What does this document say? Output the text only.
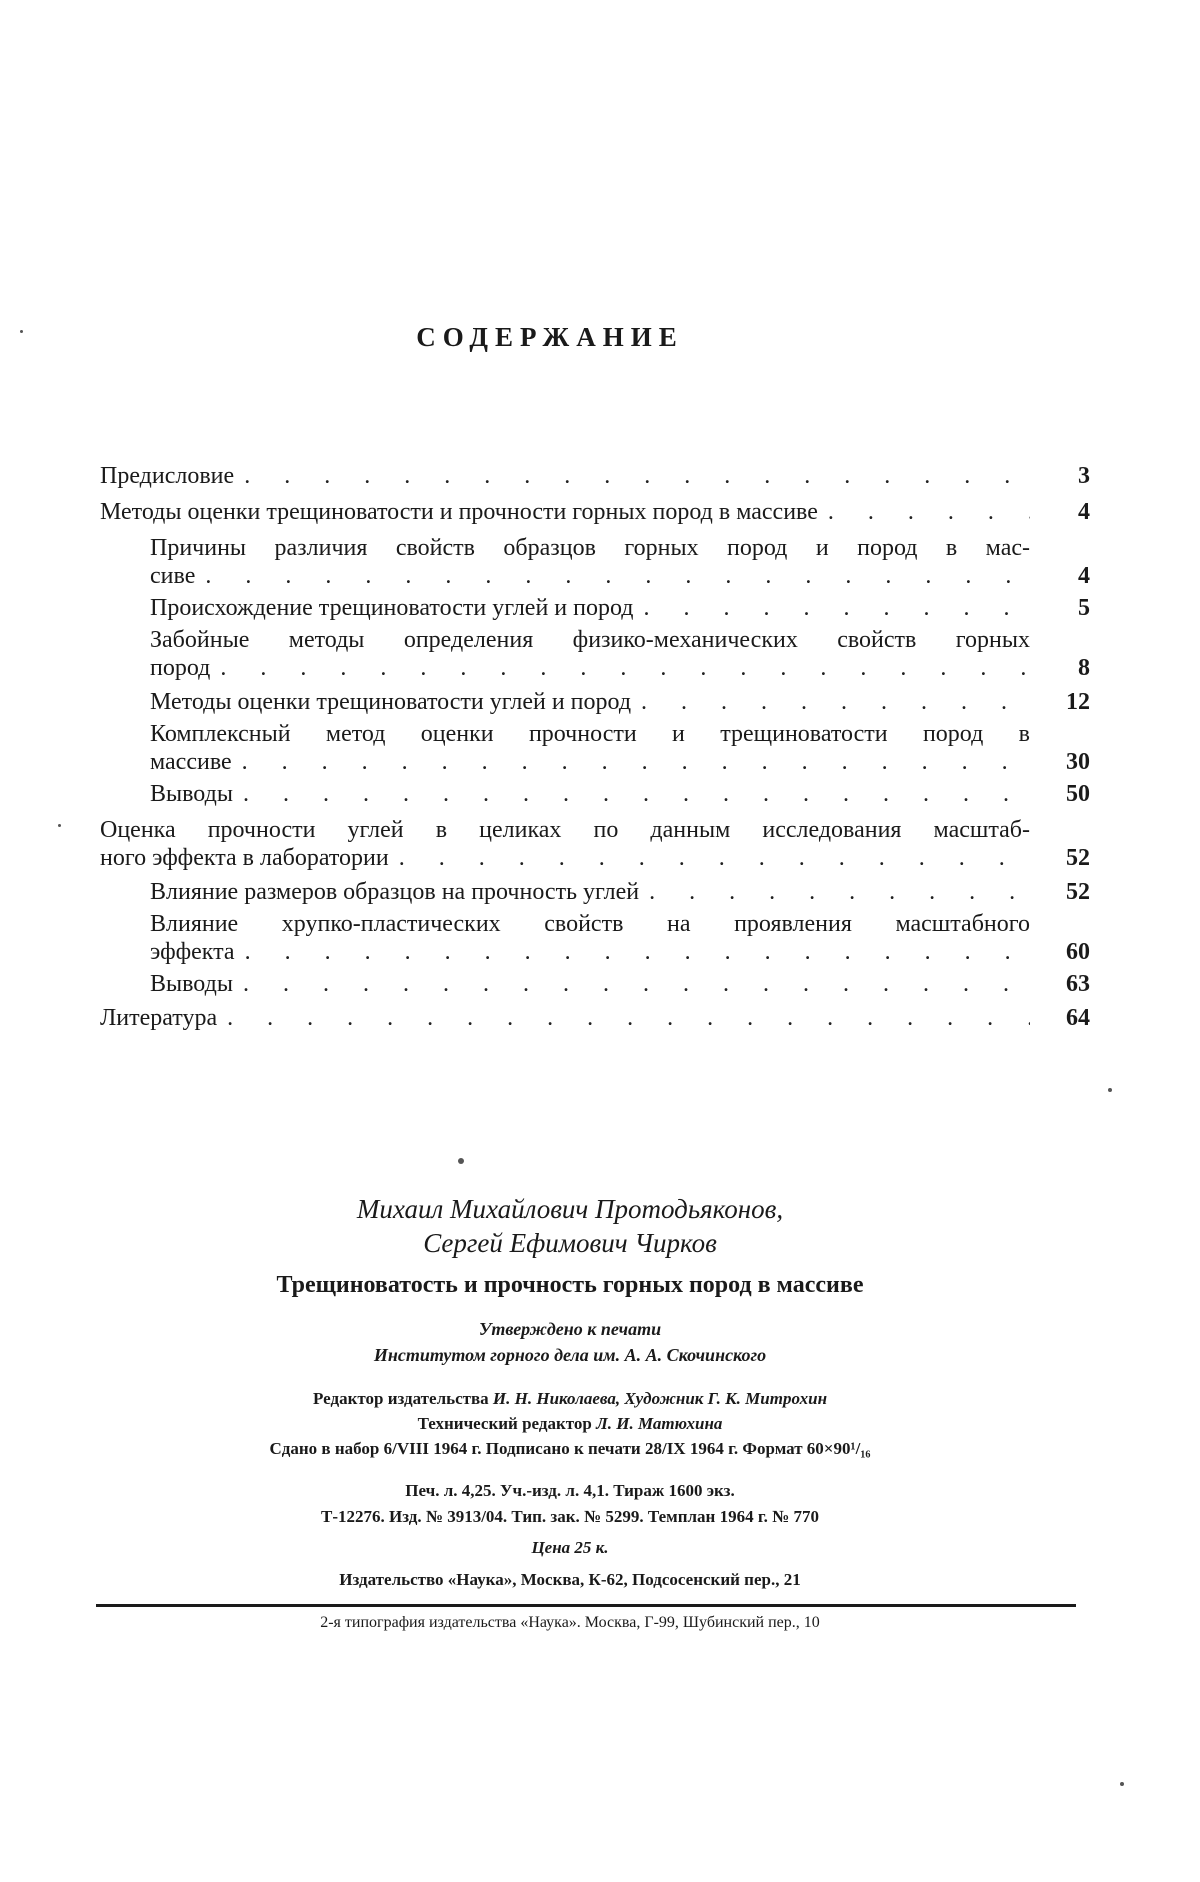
СОДЕРЖАНИЕ
Предисловие . . .	3
Методы оценки трещиноватости и прочности горных пород в массиве . . .	4
Причины различия свойств образцов горных пород и пород в мас-
сиве . . .	4
Происхождение трещиноватости углей и пород . . .	5
Забойные методы определения физико-механических свойств горных
пород . . .	8
Методы оценки трещиноватости углей и пород . . .	12
Комплексный метод оценки прочности и трещиноватости пород в
массиве . . .	30
Выводы . . .	50
Оценка прочности углей в целиках по данным исследования масштаб-
ного эффекта в лаборатории . . .	52
Влияние размеров образцов на прочность углей . . .	52
Влияние хрупко-пластических свойств на проявления масштабного
эффекта . . .	60
Выводы . . .	63
Литература . . .	64
Михаил Михайлович Протодьяконов,
Сергей Ефимович Чирков
Трещиноватость и прочность горных пород в массиве
Утверждено к печати
Институтом горного дела им. А. А. Скочинского
Редактор издательства И. Н. Николаева, Художник Г. К. Митрохин
Технический редактор Л. И. Матюхина
Сдано в набор 6/VIII 1964 г. Подписано к печати 28/IX 1964 г. Формат 60×90¹/₁₆
Печ. л. 4,25. Уч.-изд. л. 4,1. Тираж 1600 экз.
Т-12276. Изд. № 3913/04. Тип. зак. № 5299. Темплан 1964 г. № 770
Цена 25 к.
Издательство «Наука», Москва, К-62, Подсосенский пер., 21
2-я типография издательства «Наука». Москва, Г-99, Шубинский пер., 10
